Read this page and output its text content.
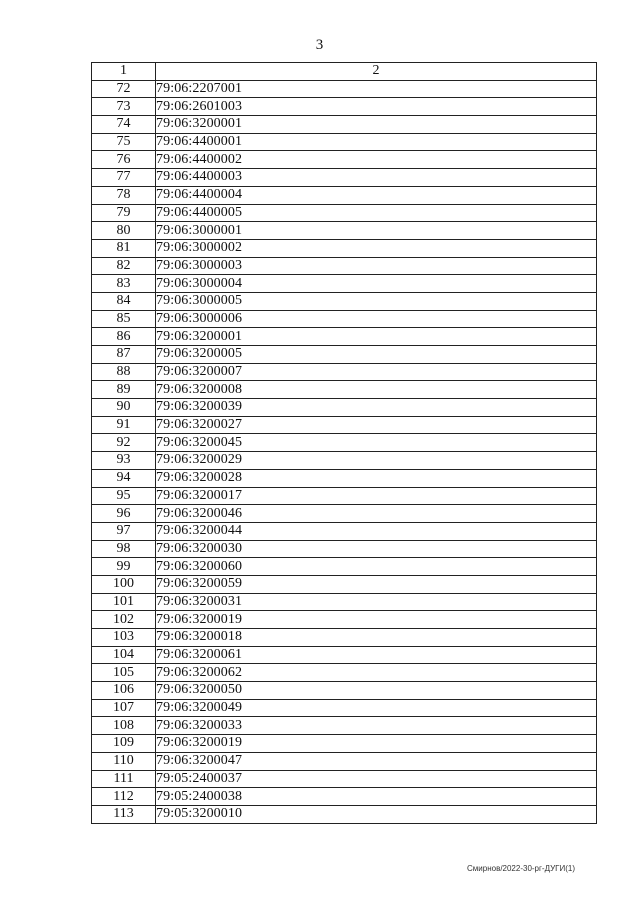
3
1	2
72	79:06:2207001
73	79:06:2601003
74	79:06:3200001
75	79:06:4400001
76	79:06:4400002
77	79:06:4400003
78	79:06:4400004
79	79:06:4400005
80	79:06:3000001
81	79:06:3000002
82	79:06:3000003
83	79:06:3000004
84	79:06:3000005
85	79:06:3000006
86	79:06:3200001
87	79:06:3200005
88	79:06:3200007
89	79:06:3200008
90	79:06:3200039
91	79:06:3200027
92	79:06:3200045
93	79:06:3200029
94	79:06:3200028
95	79:06:3200017
96	79:06:3200046
97	79:06:3200044
98	79:06:3200030
99	79:06:3200060
100	79:06:3200059
101	79:06:3200031
102	79:06:3200019
103	79:06:3200018
104	79:06:3200061
105	79:06:3200062
106	79:06:3200050
107	79:06:3200049
108	79:06:3200033
109	79:06:3200019
110	79:06:3200047
111	79:05:2400037
112	79:05:2400038
113	79:05:3200010
Смирнов/2022-30-рг-ДУГИ(1)
